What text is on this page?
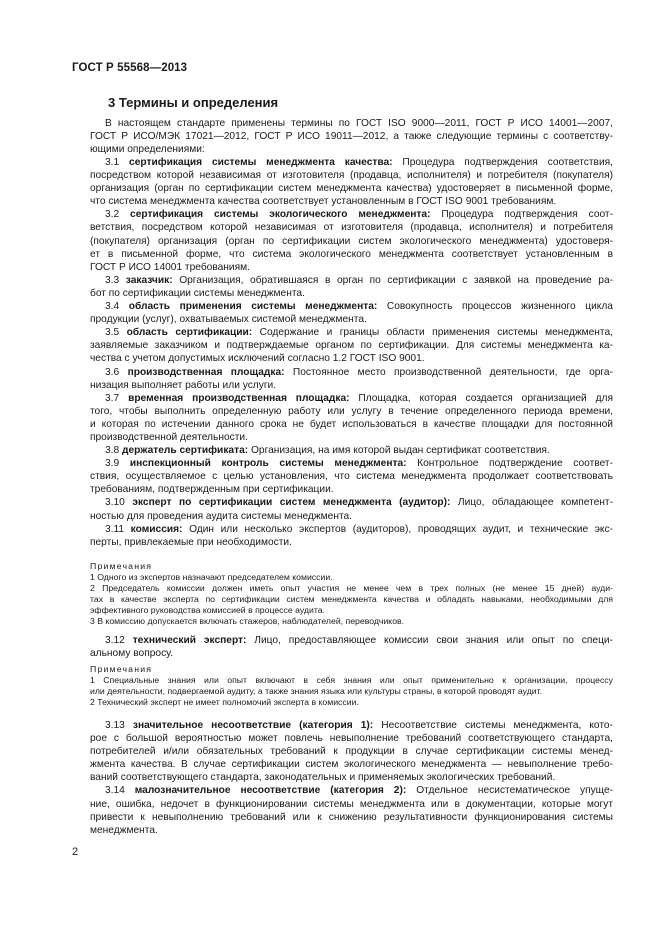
ГОСТ Р 55568—2013
3 Термины и определения
В настоящем стандарте применены термины по ГОСТ ISO 9000—2011, ГОСТ Р ИСО 14001—2007,
ГОСТ Р ИСО/МЭК 17021—2012, ГОСТ Р ИСО 19011—2012, а также следующие термины с соответству-
ющими определениями:
3.1 сертификация системы менеджмента качества: Процедура подтверждения соответствия,
посредством которой независимая от изготовителя (продавца, исполнителя) и потребителя (покупателя)
организация (орган по сертификации систем менеджмента качества) удостоверяет в письменной форме,
что система менеджмента качества соответствует установленным в ГОСТ ISO 9001 требованиям.
3.2 сертификация системы экологического менеджмента: Процедура подтверждения соот-
ветствия, посредством которой независимая от изготовителя (продавца, исполнителя) и потребителя
(покупателя) организация (орган по сертификации систем экологического менеджмента) удостоверя-
ет в письменной форме, что система экологического менеджмента соответствует установленным в
ГОСТ Р ИСО 14001 требованиям.
3.3 заказчик: Организация, обратившаяся в орган по сертификации с заявкой на проведение ра-
бот по сертификации системы менеджмента.
3.4 область применения системы менеджмента: Совокупность процессов жизненного цикла
продукции (услуг), охватываемых системой менеджмента.
3.5 область сертификации: Содержание и границы области применения системы менеджмента,
заявляемые заказчиком и подтверждаемые органом по сертификации. Для системы менеджмента ка-
чества с учетом допустимых исключений согласно 1.2 ГОСТ ISO 9001.
3.6 производственная площадка: Постоянное место производственной деятельности, где орга-
низация выполняет работы или услуги.
3.7 временная производственная площадка: Площадка, которая создается организацией для
того, чтобы выполнить определенную работу или услугу в течение определенного периода времени,
и которая по истечении данного срока не будет использоваться в качестве площадки для постоянной
производственной деятельности.
3.8 держатель сертификата: Организация, на имя которой выдан сертификат соответствия.
3.9 инспекционный контроль системы менеджмента: Контрольное подтверждение соответ-
ствия, осуществляемое с целью установления, что система менеджмента продолжает соответствовать
требованиям, подтвержденным при сертификации.
3.10 эксперт по сертификации систем менеджмента (аудитор): Лицо, обладающее компетент-
ностью для проведения аудита системы менеджмента.
3.11 комиссия: Один или несколько экспертов (аудиторов), проводящих аудит, и технические экс-
перты, привлекаемые при необходимости.
Примечания
1 Одного из экспертов назначают председателем комиссии.
2 Председатель комиссии должен иметь опыт участия не менее чем в трех полных (не менее 15 дней) ауди-
тах в качестве эксперта по сертификации систем менеджмента качества и обладать навыками, необходимыми для
эффективного руководства комиссией в процессе аудита.
3 В комиссию допускается включать стажеров, наблюдателей, переводчиков.
3.12 технический эксперт: Лицо, предоставляющее комиссии свои знания или опыт по специ-
альному вопросу.
Примечания
1 Специальные знания или опыт включают в себя знания или опыт применительно к организации, процессу
или деятельности, подвергаемой аудиту, а также знания языка или культуры страны, в которой проводят аудит.
2 Технический эксперт не имеет полномочий эксперта в комиссии.
3.13 значительное несоответствие (категория 1): Несоответствие системы менеджмента, кото-
рое с большой вероятностью может повлечь невыполнение требований соответствующего стандарта,
потребителей и/или обязательных требований к продукции в случае сертификации системы менед-
жмента качества. В случае сертификации систем экологического менеджмента — невыполнение требо-
ваний соответствующего стандарта, законодательных и применяемых экологических требований.
3.14 малозначительное несоответствие (категория 2): Отдельное несистематическое упуще-
ние, ошибка, недочет в функционировании системы менеджмента или в документации, которые могут
привести к невыполнению требований или к снижению результативности функционирования системы
менеджмента.
2
